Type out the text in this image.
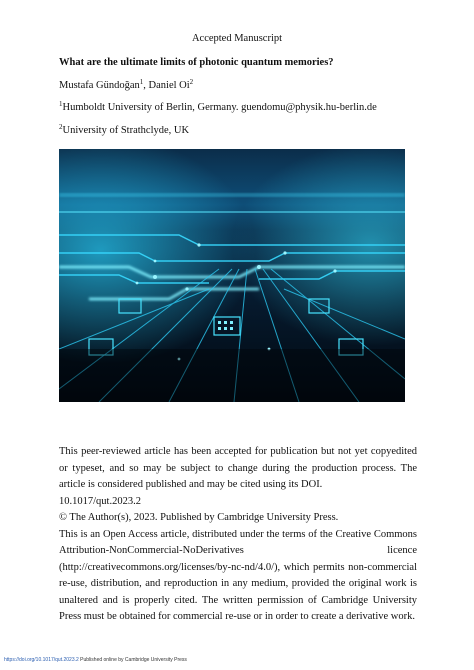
Accepted Manuscript
What are the ultimate limits of photonic quantum memories?
Mustafa Gündoğan$^1$, Daniel Oi$^2$
$^1$Humboldt University of Berlin, Germany. guendomu@physik.hu-berlin.de
$^2$University of Strathclyde, UK

This peer-reviewed article has been accepted for publication but not yet copyedited or typeset, and so may be subject to change during the production process. The article is considered published and may be cited using its DOI.

10.1017/qut.2023.2

© The Author(s), 2023. Published by Cambridge University Press.

This is an Open Access article, distributed under the terms of the Creative Commons Attribution-NonCommercial-NoDerivatives licence (http://creativecommons.org/licenses/by-nc-nd/4.0/), which permits non-commercial re-use, distribution, and reproduction in any medium, provided the original work is unaltered and is properly cited. The written permission of Cambridge University Press must be obtained for commercial re-use or in order to create a derivative work.

https://doi.org/10.1017/qut.2023.2 Published online by Cambridge University Press
